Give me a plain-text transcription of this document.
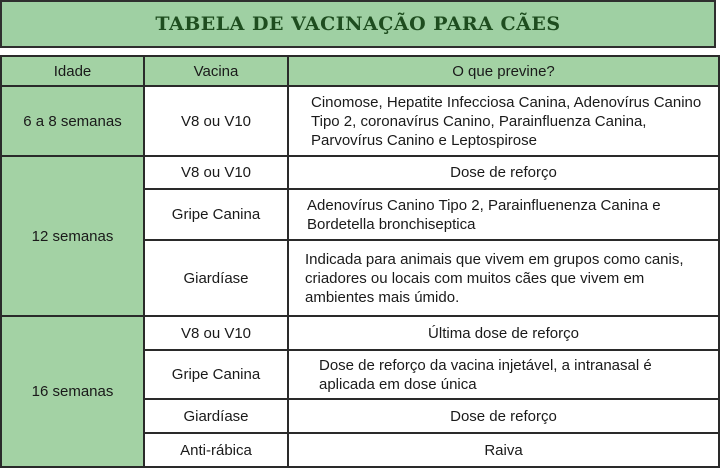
TABELA DE VACINAÇÃO PARA CÃES
Idade	Vacina	O que previne?
6 a 8 semanas	V8 ou V10	Cinomose, Hepatite Infecciosa Canina, Adenovírus Canino Tipo 2, coronavírus Canino, Parainfluenza Canina, Parvovírus Canino e Leptospirose

12 semanas	V8 ou V10	Dose de reforço

	Gripe Canina	Adenovírus Canino Tipo 2, Parainfluenenza Canina e Bordetella bronchiseptica

	Giardíase	Indicada para animais que vivem em grupos como canis, criadores ou locais com muitos cães que vivem em ambientes mais úmido.

16 semanas	V8 ou V10	Última dose de reforço

	Gripe Canina	Dose de reforço da vacina injetável, a intranasal é aplicada em dose única

	Giardíase	Dose de reforço

	Anti-rábica	Raiva
